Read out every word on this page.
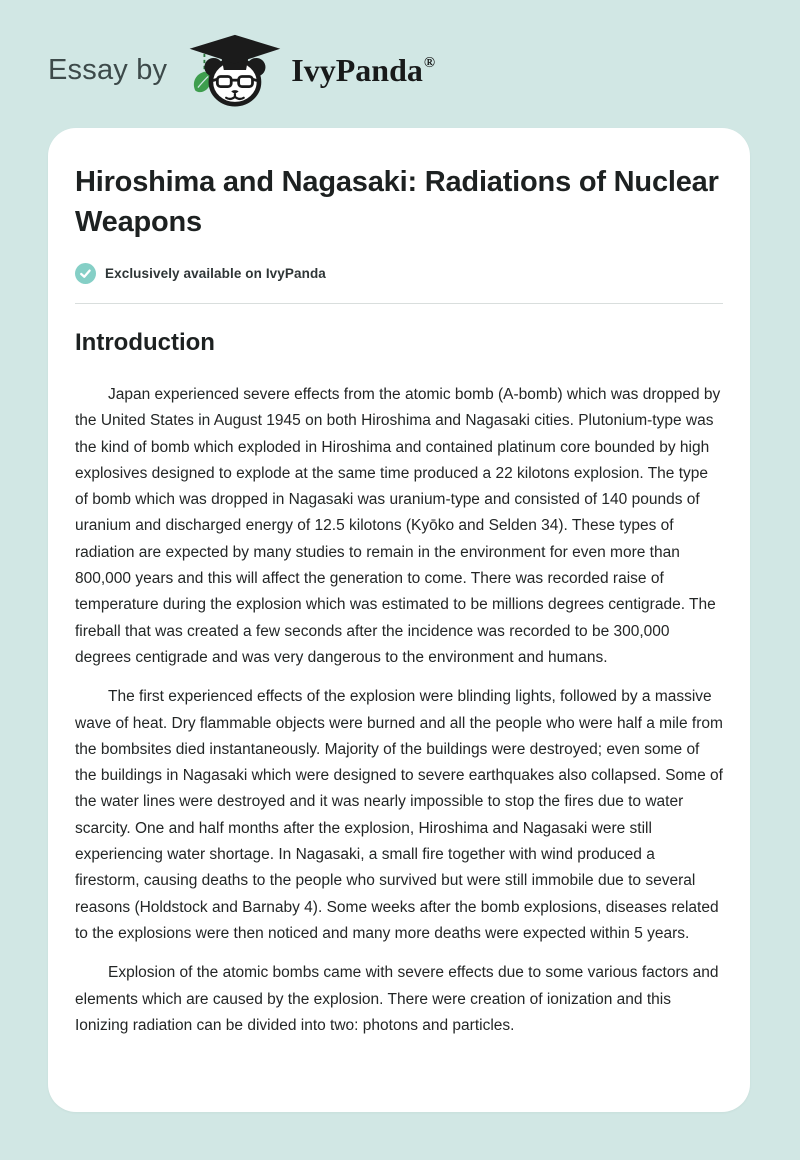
Essay by	IvyPanda®
Hiroshima and Nagasaki: Radiations of Nuclear Weapons
Exclusively available on IvyPanda
Introduction

Japan experienced severe effects from the atomic bomb (A-bomb) which was dropped by the United States in August 1945 on both Hiroshima and Nagasaki cities. Plutonium-type was the kind of bomb which exploded in Hiroshima and contained platinum core bounded by high explosives designed to explode at the same time produced a 22 kilotons explosion. The type of bomb which was dropped in Nagasaki was uranium-type and consisted of 140 pounds of uranium and discharged energy of 12.5 kilotons (Kyōko and Selden 34). These types of radiation are expected by many studies to remain in the environment for even more than 800,000 years and this will affect the generation to come. There was recorded raise of temperature during the explosion which was estimated to be millions degrees centigrade. The fireball that was created a few seconds after the incidence was recorded to be 300,000 degrees centigrade and was very dangerous to the environment and humans.

The first experienced effects of the explosion were blinding lights, followed by a massive wave of heat. Dry flammable objects were burned and all the people who were half a mile from the bombsites died instantaneously. Majority of the buildings were destroyed; even some of the buildings in Nagasaki which were designed to severe earthquakes also collapsed. Some of the water lines were destroyed and it was nearly impossible to stop the fires due to water scarcity. One and half months after the explosion, Hiroshima and Nagasaki were still experiencing water shortage. In Nagasaki, a small fire together with wind produced a firestorm, causing deaths to the people who survived but were still immobile due to several reasons (Holdstock and Barnaby 4). Some weeks after the bomb explosions, diseases related to the explosions were then noticed and many more deaths were expected within 5 years.

Explosion of the atomic bombs came with severe effects due to some various factors and elements which are caused by the explosion. There were creation of ionization and this Ionizing radiation can be divided into two: photons and particles.
